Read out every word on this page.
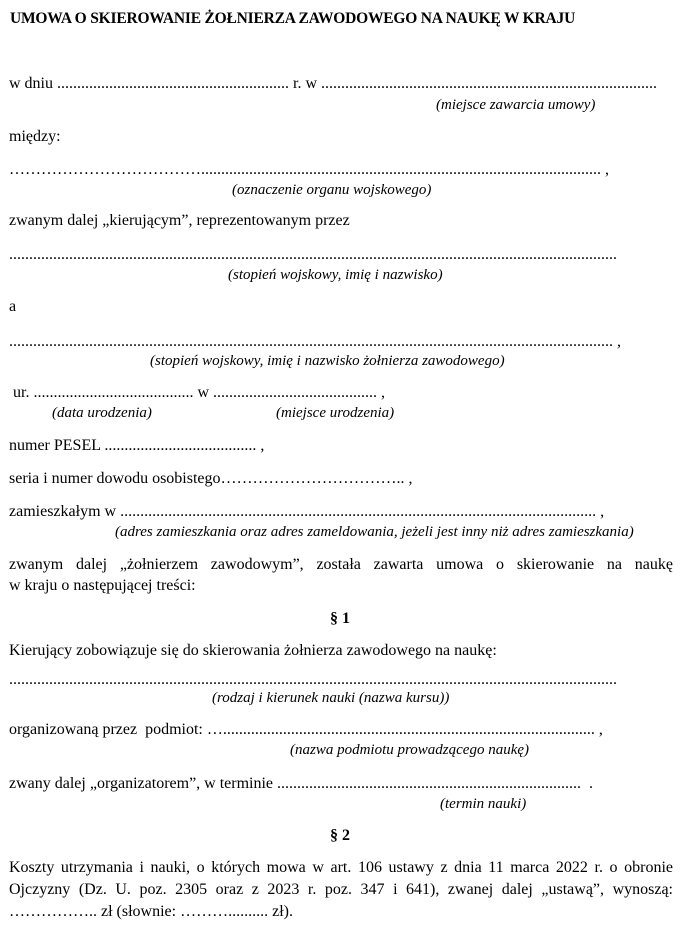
UMOWA O SKIEROWANIE ŻOŁNIERZA ZAWODOWEGO NA NAUKĘ W KRAJU
w dniu .......................................................... r. w ....................................................................................
(miejsce zawarcia umowy)
między:
……………………………….................................................................................................... ,
(oznaczenie organu wojskowego)
zwanym dalej „kierującym”, reprezentowanym przez
........................................................................................................................................................
(stopień wojskowy, imię i nazwisko)
a
....................................................................................................................................................... ,
(stopień wojskowy, imię i nazwisko żołnierza zawodowego)
ur. ........................................ w ......................................... ,
(data urodzenia)	(miejsce urodzenia)
numer PESEL ...................................... ,
seria i numer dowodu osobistego…………………………….. ,
zamieszkałym w ....................................................................................................................... ,
(adres zamieszkania oraz adres zameldowania, jeżeli jest inny niż adres zamieszkania)
zwanym dalej „żołnierzem zawodowym”, została zawarta umowa o skierowanie na naukę
w kraju o następującej treści:
§ 1
Kierujący zobowiązuje się do skierowania żołnierza zawodowego na naukę:
........................................................................................................................................................
(rodzaj i kierunek nauki (nazwa kursu))
organizowaną przez  podmiot: …............................................................................................. ,
(nazwa podmiotu prowadzącego naukę)
zwany dalej „organizatorem”, w terminie ............................................................................  .
(termin nauki)
§ 2
Koszty utrzymania i nauki, o których mowa w art. 106 ustawy z dnia 11 marca 2022 r. o obronie
Ojczyzny (Dz. U. poz. 2305 oraz z 2023 r. poz. 347 i 641), zwanej dalej „ustawą”, wynoszą:
…………….. zł (słownie: ……….......... zł).
